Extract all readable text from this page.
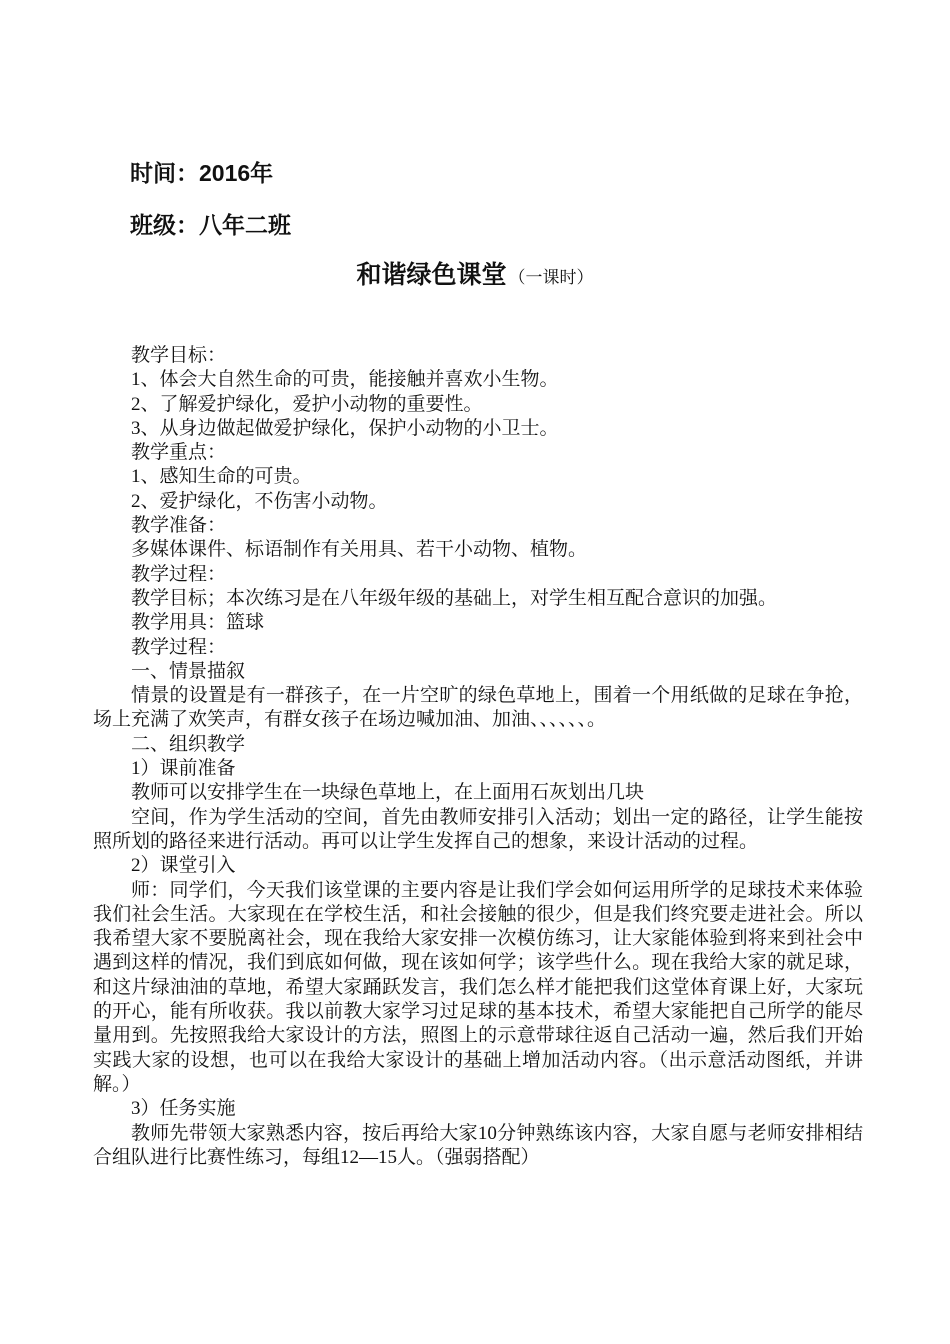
时间：2016年
班级：八年二班
和谐绿色课堂 （一课时）

教学目标：

1、体会大自然生命的可贵，能接触并喜欢小生物。

2、了解爱护绿化，爱护小动物的重要性。

3、从身边做起做爱护绿化，保护小动物的小卫士。

教学重点：

1、感知生命的可贵。

2、爱护绿化，不伤害小动物。

教学准备：

多媒体课件、标语制作有关用具、若干小动物、植物。

教学过程：

教学目标；本次练习是在八年级年级的基础上，对学生相互配合意识的加强。

教学用具：篮球

教学过程：

一、情景描叙

情景的设置是有一群孩子，在一片空旷的绿色草地上，围着一个用纸做的足球在争抢，场上充满了欢笑声，有群女孩子在场边喊加油、加油、、、、、、。

二、组织教学

1）课前准备

教师可以安排学生在一块绿色草地上，在上面用石灰划出几块

空间，作为学生活动的空间，首先由教师安排引入活动；划出一定的路径，让学生能按照所划的路径来进行活动。再可以让学生发挥自己的想象，来设计活动的过程。

2）课堂引入

师：同学们，今天我们该堂课的主要内容是让我们学会如何运用所学的足球技术来体验我们社会生活。大家现在在学校生活，和社会接触的很少，但是我们终究要走进社会。所以我希望大家不要脱离社会，现在我给大家安排一次模仿练习，让大家能体验到将来到社会中遇到这样的情况，我们到底如何做，现在该如何学；该学些什么。现在我给大家的就足球，和这片绿油油的草地，希望大家踊跃发言，我们怎么样才能把我们这堂体育课上好，大家玩的开心，能有所收获。我以前教大家学习过足球的基本技术，希望大家能把自己所学的能尽量用到。先按照我给大家设计的方法，照图上的示意带球往返自己活动一遍，然后我们开始实践大家的设想，也可以在我给大家设计的基础上增加活动内容。（出示意活动图纸，并讲解。）

3）任务实施

教师先带领大家熟悉内容，按后再给大家10分钟熟练该内容，大家自愿与老师安排相结合组队进行比赛性练习，每组12—15人。（强弱搭配）
